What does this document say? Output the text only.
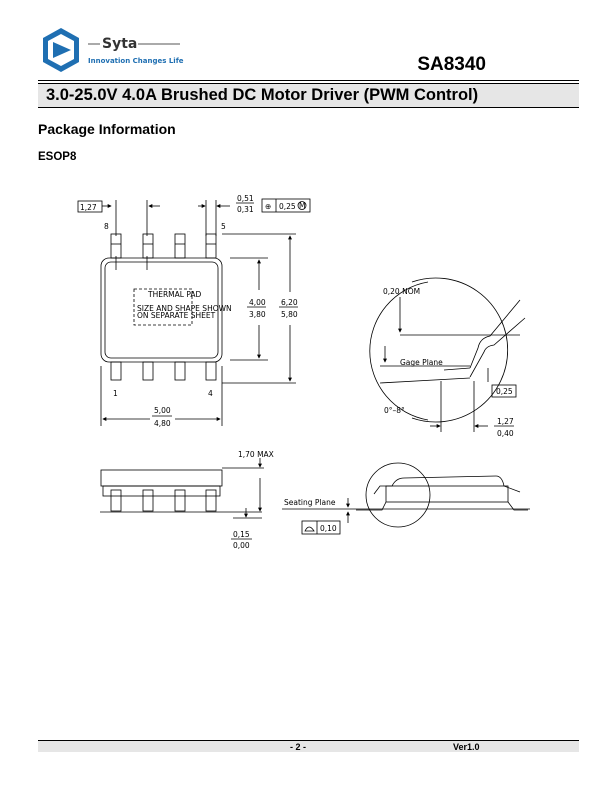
Syta
Innovation Changes Life	SA8340
3.0-25.0V 4.0A Brushed DC Motor Driver (PWM Control)
Package Information
ESOP8
1,27
8	5
0,51
0,31 ⊕ 0,25 M
THERMAL PAD
SIZE AND SHAPE SHOWN
ON SEPARATE SHEET
1	4
4,00
3,80
6,20
5,80
5,00
4,80
0,20 NOM
Gage Plane
0,25
0°–8°
1,27
0,40
1,70 MAX
0,15
0,00
Seating Plane
0,10
- 2 -	Ver1.0
